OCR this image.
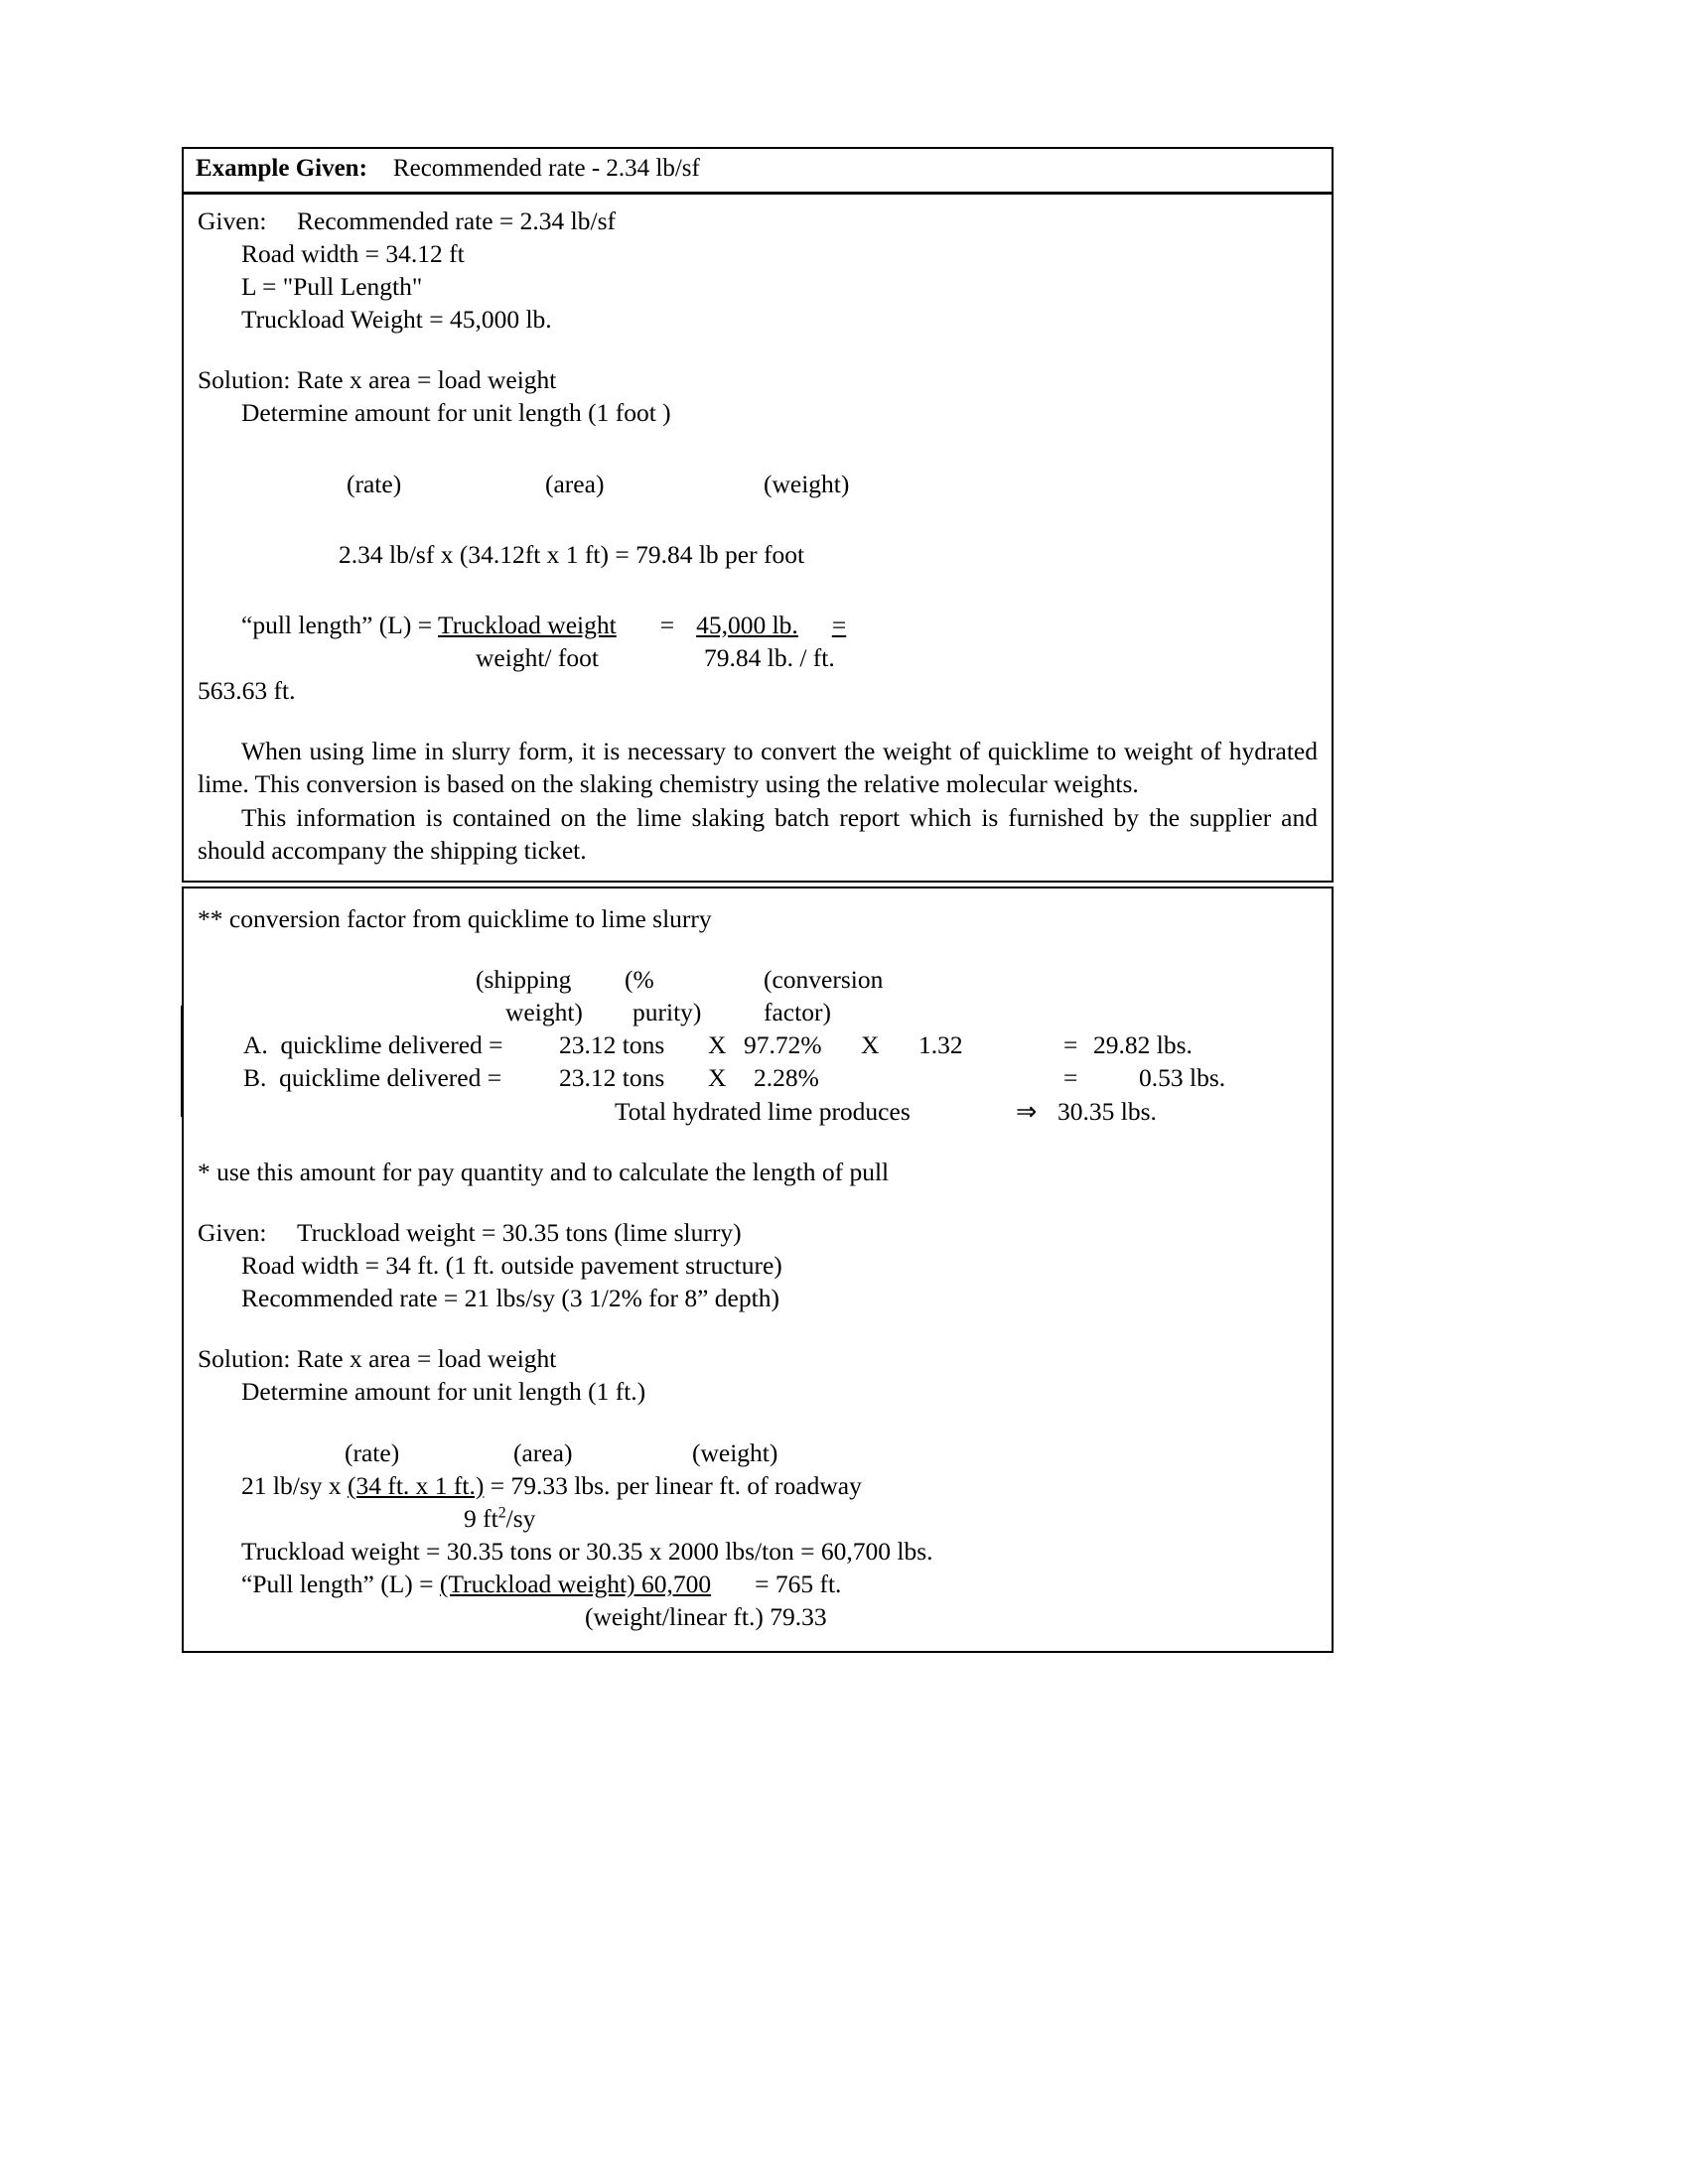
Example Given: Recommended rate - 2.34 lb/sf
Given: Recommended rate = 2.34 lb/sf
Road width = 34.12 ft
L = "Pull Length"
Truckload Weight = 45,000 lb.
Solution: Rate x area = load weight
Determine amount for unit length (1 foot )
(rate)	(area)	(weight)
2.34 lb/sf x (34.12ft x 1 ft) = 79.84 lb per foot
“pull length” (L) = Truckload weight = 45,000 lb. =
weight/ foot	79.84 lb. / ft.
563.63 ft.

When using lime in slurry form, it is necessary to convert the weight of quicklime to weight of hydrated lime. This conversion is based on the slaking chemistry using the relative molecular weights.

This information is contained on the lime slaking batch report which is furnished by the supplier and should accompany the shipping ticket.

** conversion factor from quicklime to lime slurry
(shipping (%	(conversion
weight) purity) factor)
A.  quicklime delivered = 23.12 tons X 97.72% X 1.32	= 29.82 lbs.
B.  quicklime delivered = 23.12 tons X 2.28%	= 0.53 lbs.
Total hydrated lime produces	⇒ 30.35 lbs.
* use this amount for pay quantity and to calculate the length of pull
Given: Truckload weight = 30.35 tons (lime slurry)
Road width = 34 ft. (1 ft. outside pavement structure)
Recommended rate = 21 lbs/sy (3 1/2% for 8” depth)
Solution: Rate x area = load weight
Determine amount for unit length (1 ft.)
(rate)	(area)	(weight)
21 lb/sy x (34 ft. x 1 ft.) = 79.33 lbs. per linear ft. of roadway
9 $ft^2/sy$
Truckload weight = 30.35 tons or 30.35 x 2000 lbs/ton = 60,700 lbs.
“Pull length” (L) = (Truckload weight) 60,700 = 765 ft.
(weight/linear ft.) 79.33
